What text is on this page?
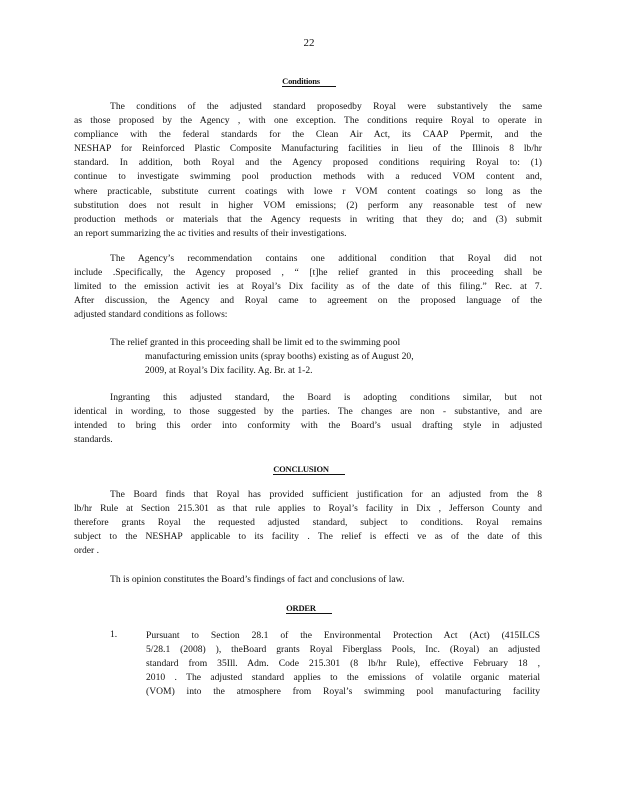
22
Conditions

The conditions of the adjusted standard proposedby Royal were substantively the same
as those proposed by the Agency , with one exception. The conditions require Royal to operate in
compliance with the federal standards for the Clean Air Act, its CAAP Ppermit, and the
NESHAP for Reinforced Plastic Composite Manufacturing facilities in lieu of the Illinois 8 lb/hr
standard. In addition, both Royal and the Agency proposed conditions requiring Royal to: (1)
continue to investigate swimming pool production methods with a reduced VOM content and,
where practicable, substitute current coatings with lowe r VOM content coatings so long as the
substitution does not result in higher VOM emissions; (2) perform any reasonable test of new
production methods or materials that the Agency requests in writing that they do; and (3) submit
an report summarizing the ac tivities and results of their investigations.

The Agency’s recommendation contains one additional condition that Royal did not
include .Specifically, the Agency proposed , “ [t]he relief granted in this proceeding shall be
limited to the emission activit ies at Royal’s Dix facility as of the date of this filing.” Rec. at 7.
After discussion, the Agency and Royal came to agreement on the proposed language of the
adjusted standard conditions as follows:

The relief granted in this proceeding shall be limit ed to the swimming pool
manufacturing emission units (spray booths) existing as of August 20,
2009, at Royal’s Dix facility. Ag. Br. at 1-2.

Ingranting this adjusted standard, the Board is adopting conditions similar, but not
identical in wording, to those suggested by the parties. The changes are non - substantive, and are
intended to bring this order into conformity with the Board’s usual drafting style in adjusted
standards.

CONCLUSION

The Board finds that Royal has provided sufficient justification for an adjusted from the 8
lb/hr Rule at Section 215.301 as that rule applies to Royal’s facility in Dix , Jefferson County and
therefore grants Royal the requested adjusted standard, subject to conditions. Royal remains
subject to the NESHAP applicable to its facility . The relief is effecti ve as of the date of this
order .

Th is opinion constitutes the Board’s findings of fact and conclusions of law.

ORDER
1.	Pursuant to Section 28.1 of the Environmental Protection Act (Act) (415ILCS
5/28.1 (2008) ), theBoard grants Royal Fiberglass Pools, Inc. (Royal) an adjusted
standard from 35Ill. Adm. Code 215.301 (8 lb/hr Rule), effective February 18 ,
2010 . The adjusted standard applies to the emissions of volatile organic material
(VOM) into the atmosphere from Royal’s swimming pool manufacturing facility
